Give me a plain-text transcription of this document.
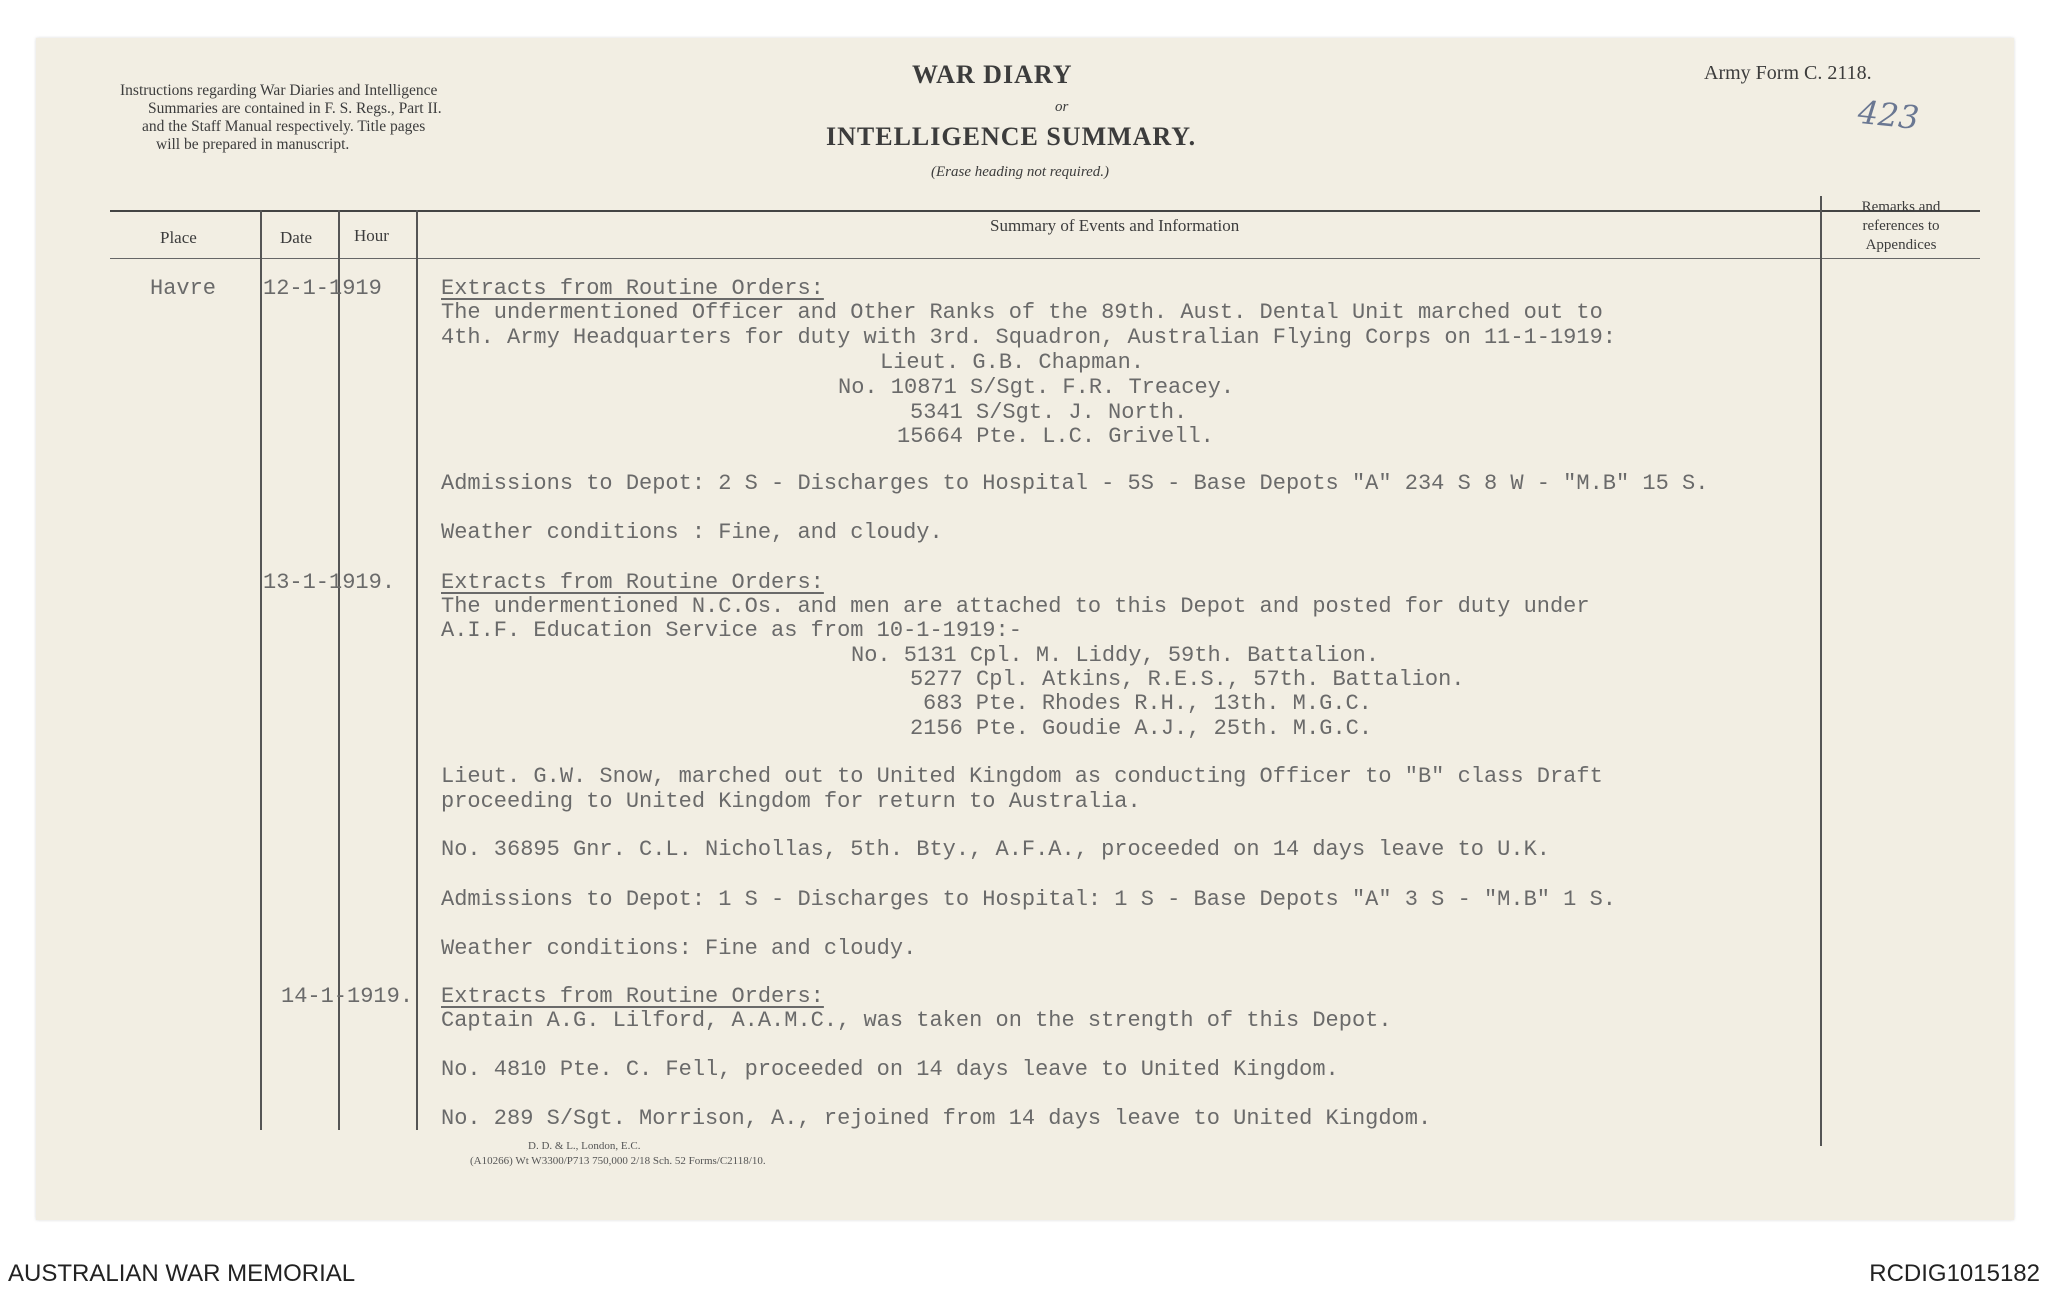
Instructions regarding War Diaries and Intelligence
Summaries are contained in F. S. Regs., Part II.
and the Staff Manual respectively. Title pages
will be prepared in manuscript.
WAR DIARY
or
INTELLIGENCE SUMMARY.
(Erase heading not required.)
Army Form C. 2118.
423
Place	Date Hour
Summary of Events and Information
Remarks and
references to
Appendices
Havre 12-1-1919
13-1-1919.
14-1-1919.
Extracts from Routine Orders:
The undermentioned Officer and Other Ranks of the 89th. Aust. Dental Unit marched out to
4th. Army Headquarters for duty with 3rd. Squadron, Australian Flying Corps on 11-1-1919:
Lieut. G.B. Chapman.
No. 10871 S/Sgt. F.R. Treacey.
5341 S/Sgt. J. North.
15664 Pte. L.C. Grivell.
Admissions to Depot: 2 S - Discharges to Hospital - 5S - Base Depots "A" 234 S 8 W - "M.B" 15 S.
Weather conditions : Fine, and cloudy.
Extracts from Routine Orders:
The undermentioned N.C.Os. and men are attached to this Depot and posted for duty under
A.I.F. Education Service as from 10-1-1919:-
No. 5131 Cpl. M. Liddy, 59th. Battalion.
5277 Cpl. Atkins, R.E.S., 57th. Battalion.
683 Pte. Rhodes R.H., 13th. M.G.C.
2156 Pte. Goudie A.J., 25th. M.G.C.
Lieut. G.W. Snow, marched out to United Kingdom as conducting Officer to "B" class Draft
proceeding to United Kingdom for return to Australia.
No. 36895 Gnr. C.L. Nichollas, 5th. Bty., A.F.A., proceeded on 14 days leave to U.K.
Admissions to Depot: 1 S - Discharges to Hospital: 1 S - Base Depots "A" 3 S - "M.B" 1 S.
Weather conditions: Fine and cloudy.
Extracts from Routine Orders:
Captain A.G. Lilford, A.A.M.C., was taken on the strength of this Depot.
No. 4810 Pte. C. Fell, proceeded on 14 days leave to United Kingdom.
No. 289 S/Sgt. Morrison, A., rejoined from 14 days leave to United Kingdom.
D. D. & L., London, E.C.
(A10266) Wt W3300/P713 750,000 2/18 Sch. 52 Forms/C2118/10.
AUSTRALIAN WAR MEMORIAL	RCDIG1015182
